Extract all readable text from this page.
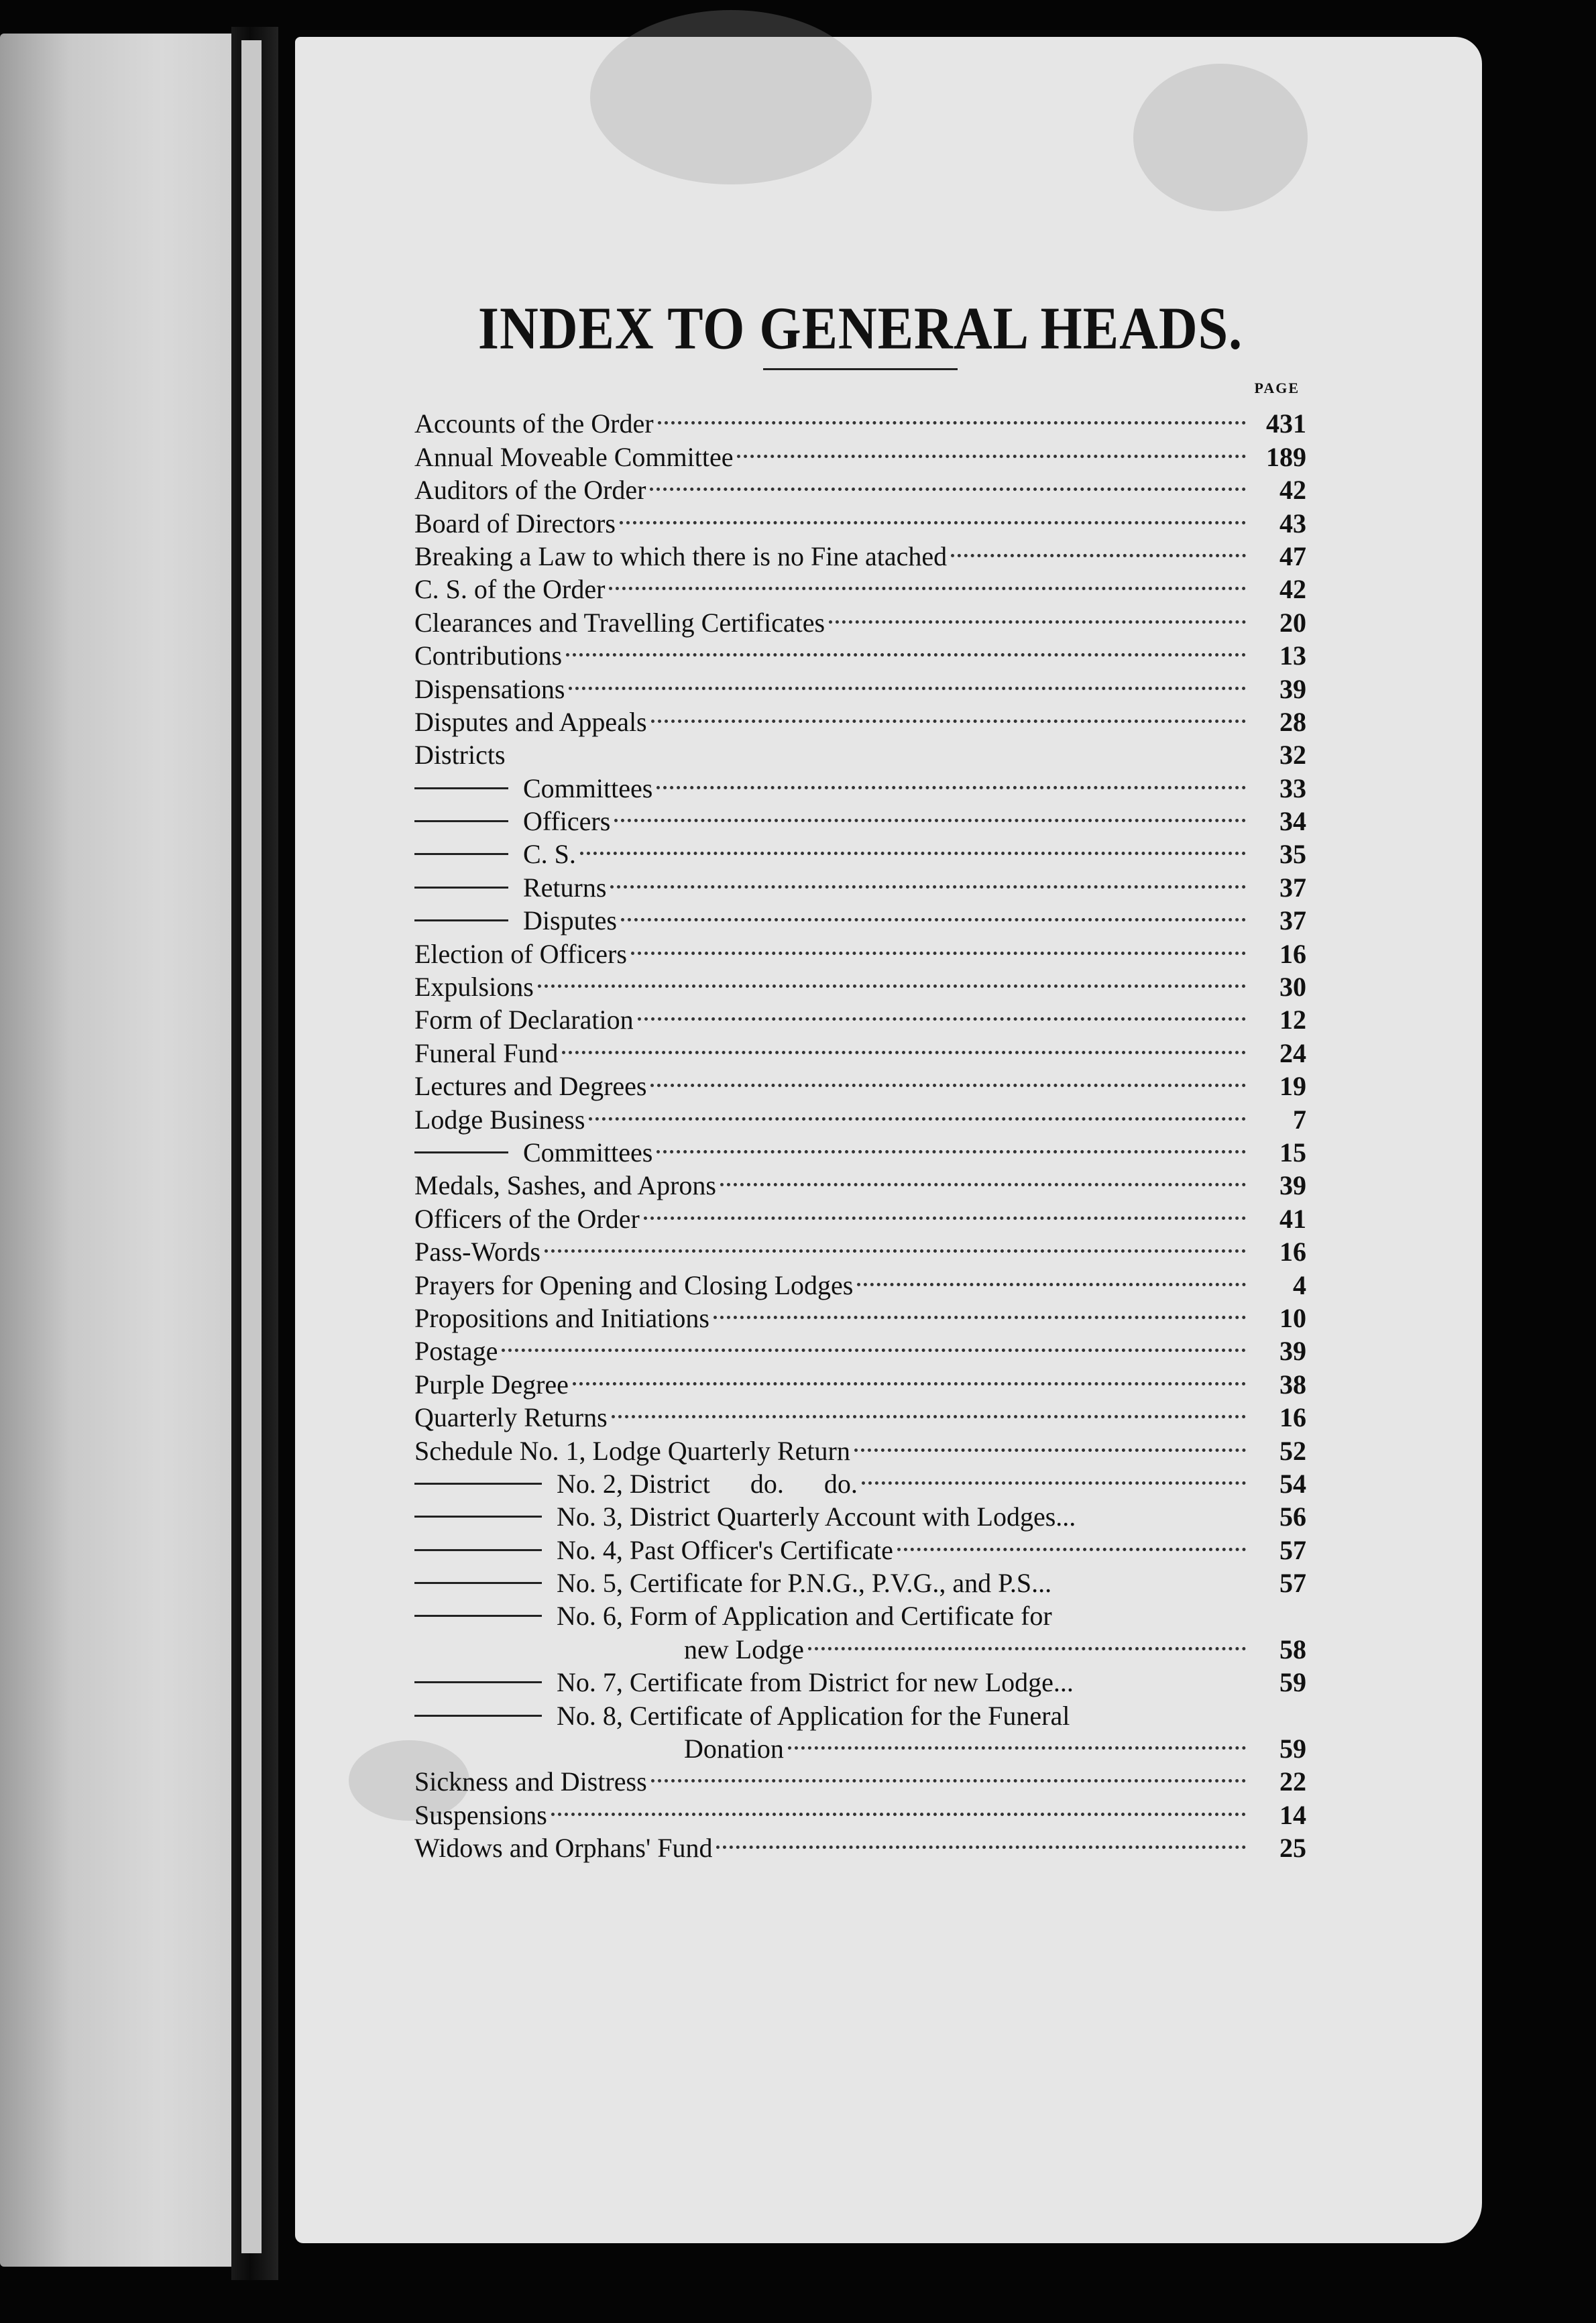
INDEX TO GENERAL HEADS.
PAGE
Accounts of the Order	431
Annual Moveable Committee	189
Auditors of the Order	42
Board of Directors	43
Breaking a Law to which there is no Fine atached	47
C. S. of the Order	42
Clearances and Travelling Certificates	20
Contributions	13
Dispensations	39
Disputes and Appeals	28
Districts	32
Committees	33
Officers	34
C. S.	35
Returns	37
Disputes	37
Election of Officers	16
Expulsions	30
Form of Declaration	12
Funeral Fund	24
Lectures and Degrees	19
Lodge Business	7
Committees	15
Medals, Sashes, and Aprons	39
Officers of the Order	41
Pass-Words	16
Prayers for Opening and Closing Lodges	4
Propositions and Initiations	10
Postage	39
Purple Degree	38
Quarterly Returns	16
Schedule No. 1, Lodge Quarterly Return	52
No. 2, District      do.      do.	54
No. 3, District Quarterly Account with Lodges...	56
No. 4, Past Officer's Certificate	57
No. 5, Certificate for P.N.G., P.V.G., and P.S...	57
No. 6, Form of Application and Certificate for
new Lodge	58
No. 7, Certificate from District for new Lodge...	59
No. 8, Certificate of Application for the Funeral
Donation	59
Sickness and Distress	22
Suspensions	14
Widows and Orphans' Fund	25
